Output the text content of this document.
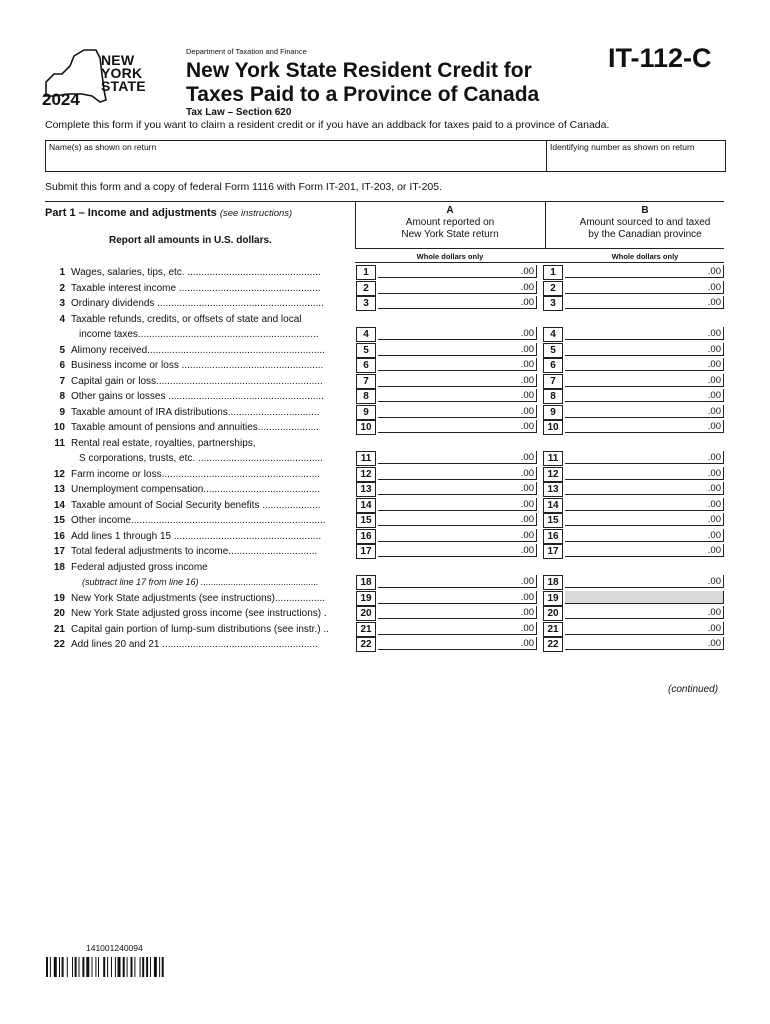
NEW
YORK
STATE
2024
Department of Taxation and Finance
New York State Resident Credit for
Taxes Paid to a Province of Canada
IT-112-C
Tax Law – Section 620
Complete this form if you want to claim a resident credit or if you have an addback for taxes paid to a province of Canada.
Name(s) as shown on return	Identifying number as shown on return
Submit this form and a copy of federal Form 1116 with Form IT-201, IT-203, or IT-205.
Part 1 – Income and adjustments (see instructions)
Report all amounts in U.S. dollars.
A
Amount reported on
New York State return
B
Amount sourced to and taxed
by the Canadian province
Whole dollars only	Whole dollars only
1 Wages, salaries, tips, etc. ................................................	1	.00	1	.00
2 Taxable interest income ...................................................	2	.00	2	.00
3 Ordinary dividends ............................................................	3	.00	3	.00
4 Taxable refunds, credits, or offsets of state and local
income taxes.................................................................	4	.00	4	.00
5 Alimony received................................................................	5	.00	5	.00
6 Business income or loss ...................................................	6	.00	6	.00
7 Capital gain or loss............................................................	7	.00	7	.00
8 Other gains or losses ........................................................	8	.00	8	.00
9 Taxable amount of IRA distributions.................................	9	.00	9	.00
10 Taxable amount of pensions and annuities......................	10	.00	10	.00
11 Rental real estate, royalties, partnerships,
S corporations, trusts, etc. .............................................	11	.00	11	.00
12 Farm income or loss.........................................................	12	.00	12	.00
13 Unemployment compensation..........................................	13	.00	13	.00
14 Taxable amount of Social Security benefits .....................	14	.00	14	.00
15 Other income......................................................................	15	.00	15	.00
16 Add lines 1 through 15 .....................................................	16	.00	16	.00
17 Total federal adjustments to income................................	17	.00	17	.00
18 Federal adjusted gross income
(subtract line 17 from line 16) ...............................................	18	.00	18	.00
19 New York State adjustments (see instructions)..................	19	.00	19
20 New York State adjusted gross income (see instructions) .	20	.00	20	.00
21 Capital gain portion of lump-sum distributions (see instr.) ..	21	.00	21	.00
22 Add lines 20 and 21 ........................................................	22	.00	22	.00
(continued)
141001240094
